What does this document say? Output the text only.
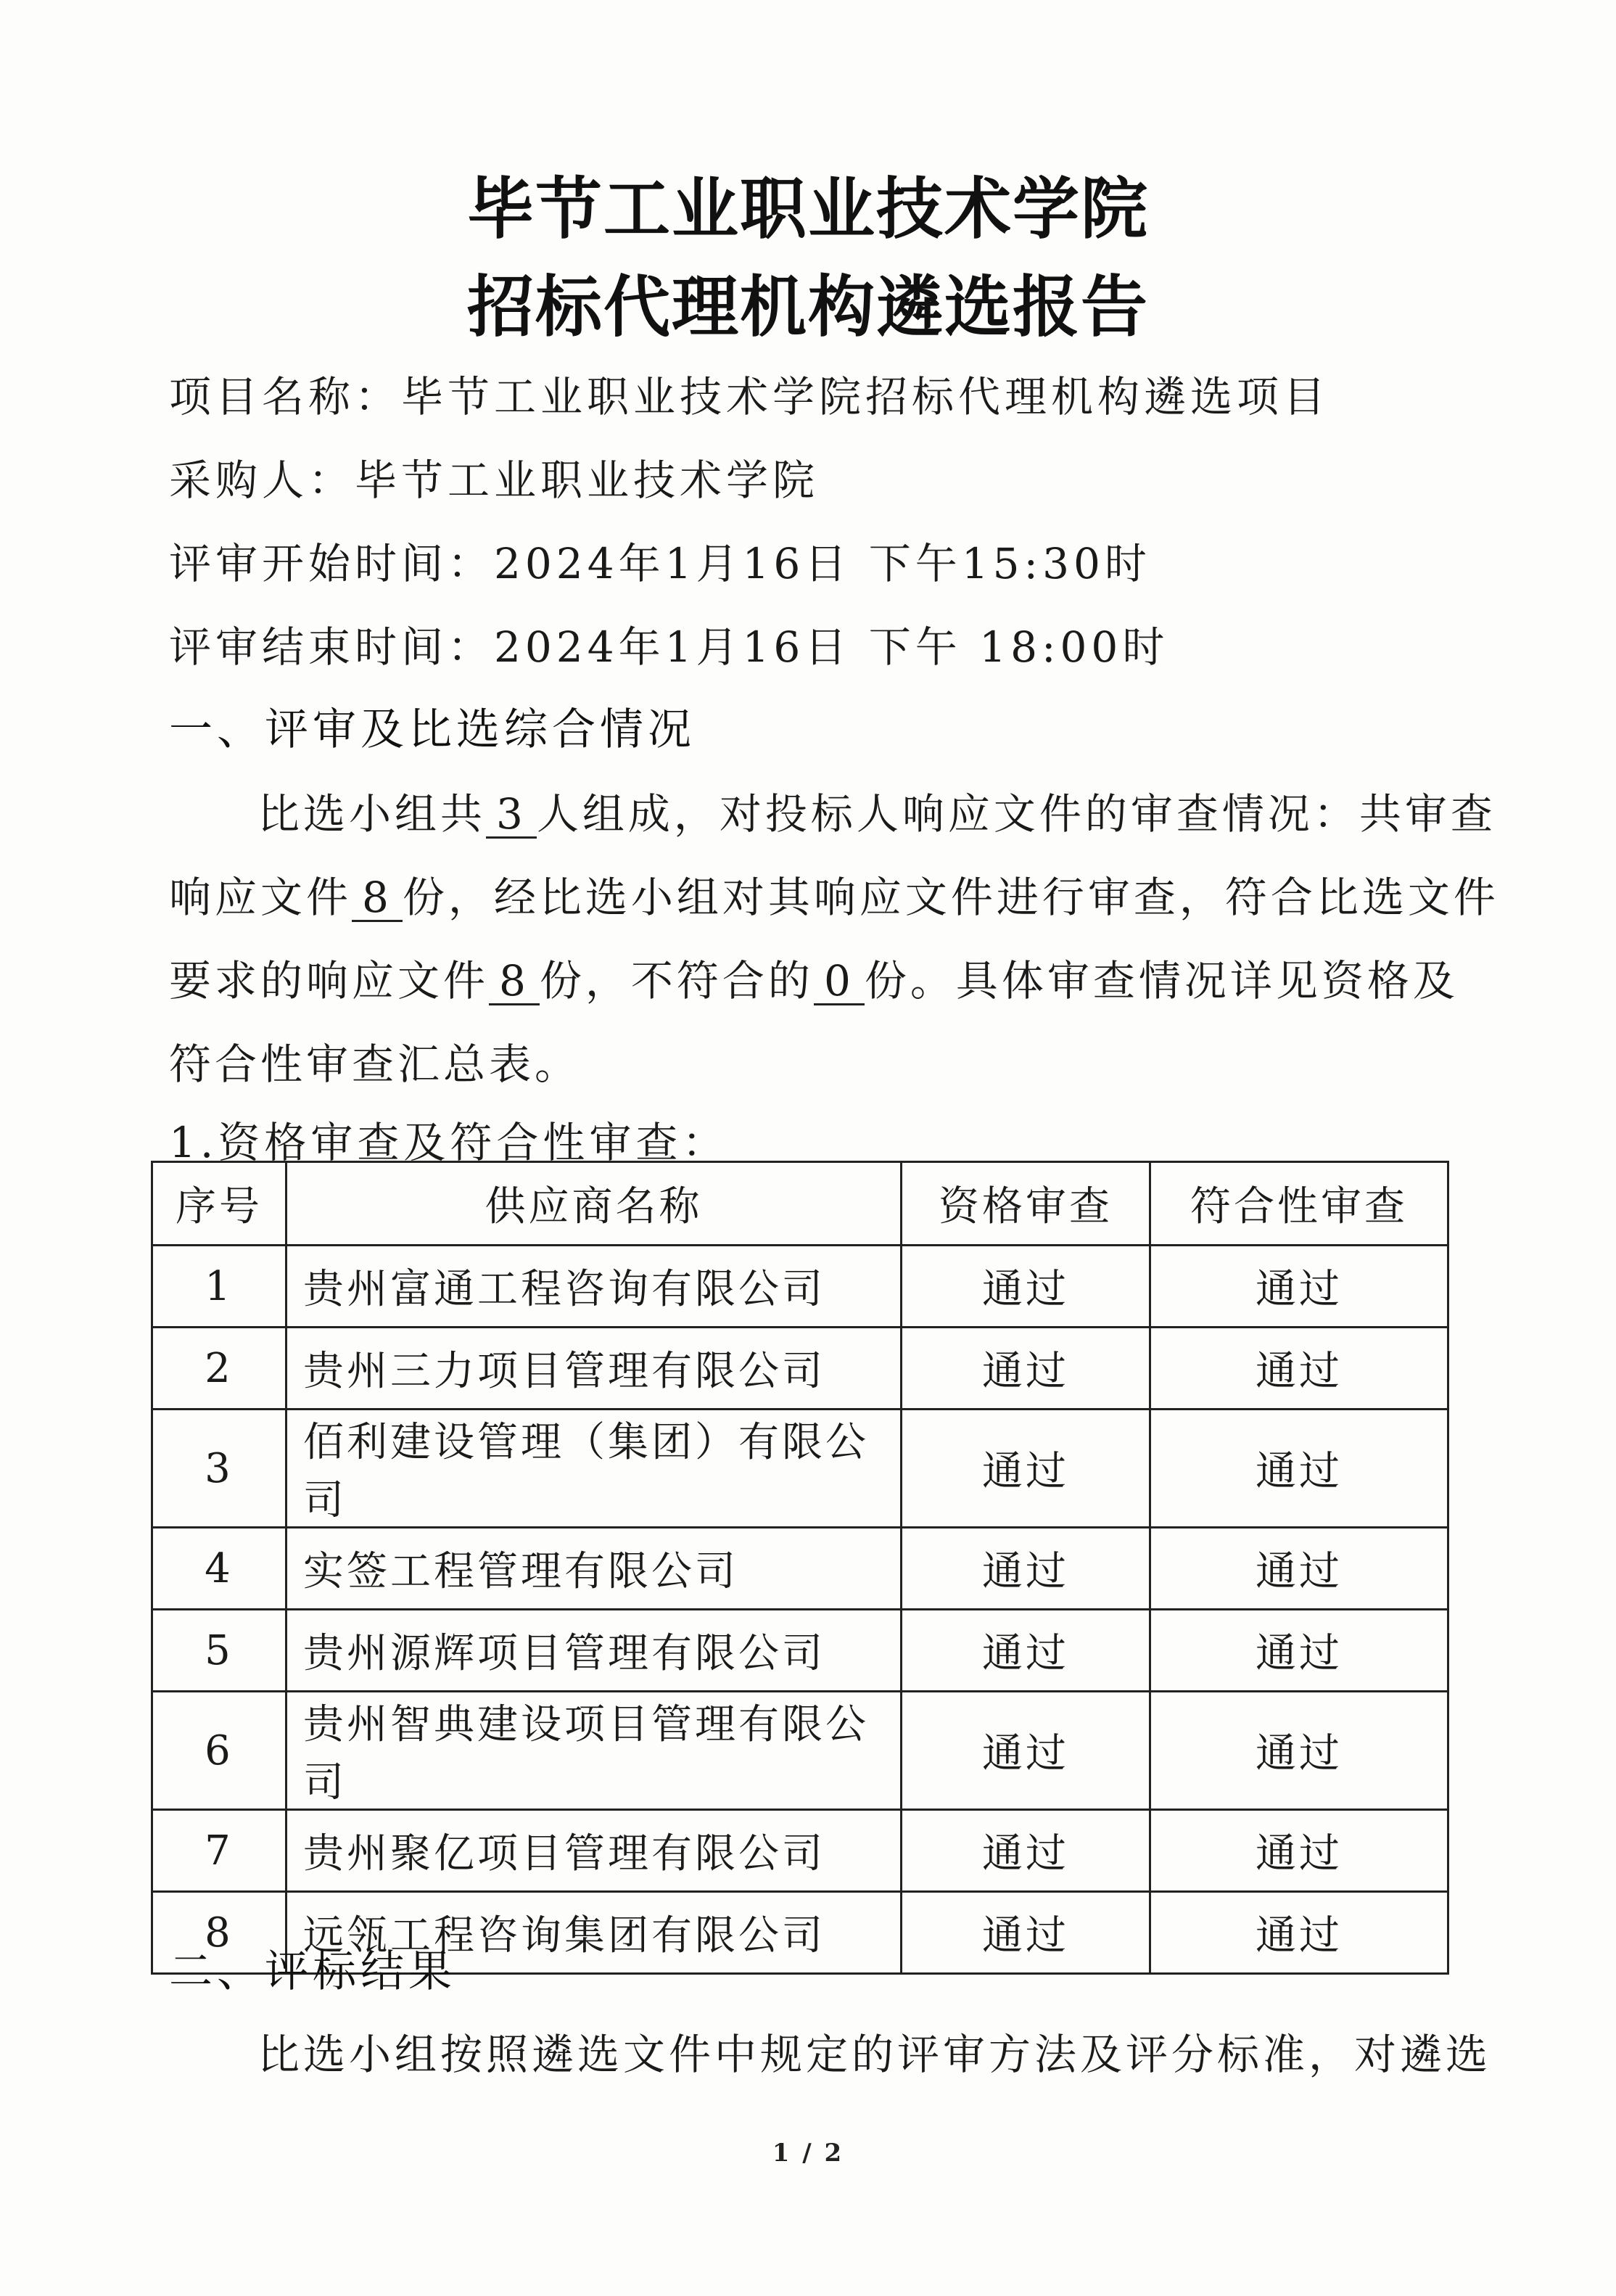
毕节工业职业技术学院
招标代理机构遴选报告
项目名称：毕节工业职业技术学院招标代理机构遴选项目
采购人：毕节工业职业技术学院
评审开始时间：2024年1月16日 下午15:30时
评审结束时间：2024年1月16日 下午 18:00时
一、评审及比选综合情况
比选小组共 3 人组成，对投标人响应文件的审查情况：共审查
响应文件 8 份，经比选小组对其响应文件进行审查，符合比选文件
要求的响应文件 8 份，不符合的 0 份。具体审查情况详见资格及
符合性审查汇总表。
1.资格审查及符合性审查：
序号	供应商名称	资格审查	符合性审查
1	贵州富通工程咨询有限公司	通过	通过
2	贵州三力项目管理有限公司	通过	通过
3	佰利建设管理（集团）有限公司	通过	通过
4	实签工程管理有限公司	通过	通过
5	贵州源辉项目管理有限公司	通过	通过
6	贵州智典建设项目管理有限公司	通过	通过
7	贵州聚亿项目管理有限公司	通过	通过
8	远瓴工程咨询集团有限公司	通过	通过
二、评标结果
比选小组按照遴选文件中规定的评审方法及评分标准，对遴选
1 / 2
